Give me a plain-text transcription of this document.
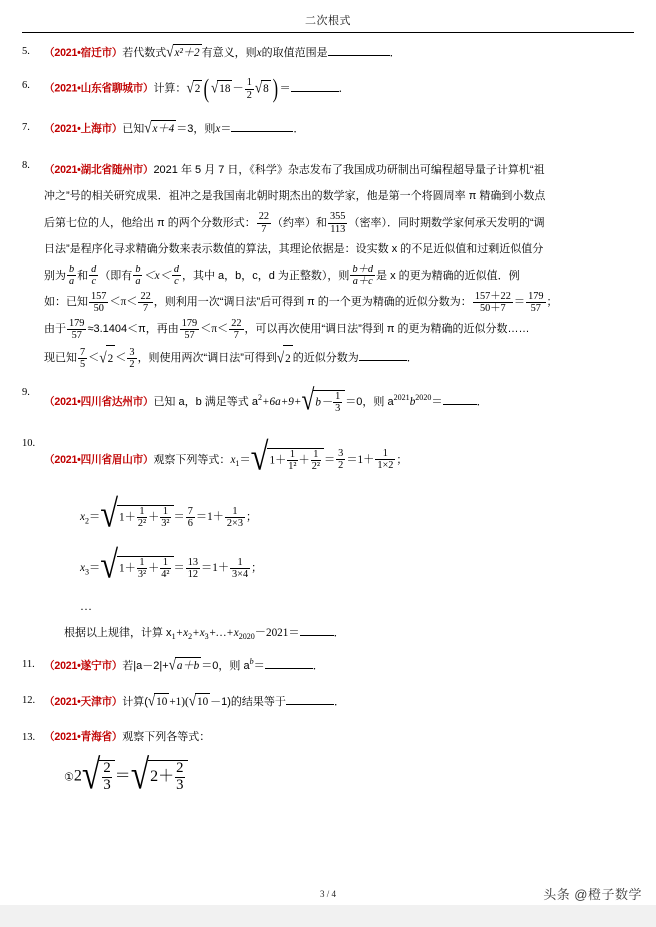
二次根式
5.	（2021•宿迁市）若代数式√x²＋2 有意义，则x的取值范围是	．
6.	（2021•山东省聊城市）计算：√2 ( $√18 - \frac{1}{2} √8$ ) ＝	．
7.	（2021•上海市）已知√x＋4 ＝3，则x＝	．
8.	（2021•湖北省随州市）2021 年 5 月 7 日，《科学》杂志发布了我国成功研制出可编程超导量子计算机“祖
冲之”号的相关研究成果．祖冲之是我国南北朝时期杰出的数学家，他是第一个将圆周率 π 精确到小数点
后第七位的人，他给出 π 的两个分数形式： $\frac{22}{7}$ （约率）和 $\frac{355}{113}$ （密率）．同时期数学家何承天发明的“调
日法”是程序化寻求精确分数来表示数值的算法，其理论依据是：设实数 x 的不足近似值和过剩近似值分
别为 $\frac{b}{a}$ 和 $\frac{d}{c}$ （即有 $\frac{b}{a} <x< \frac{d}{c}$ ，其中 a，b，c，d 为正整数），则 $\frac{b+d}{a+c}$ 是 x 的更为精确的近似值．例
如：已知 $\frac{157}{50} <\pi< \frac{22}{7}$ ，则利用一次“调日法”后可得到 π 的一个更为精确的近似分数为： $\frac{157+22}{50+7} = \frac{179}{57}$ ；
由于 $\frac{179}{57} \approx 3.1404<\pi$，再由 $\frac{179}{57} <\pi< \frac{22}{7}$ ，可以再次使用“调日法”得到 π 的更为精确的近似分数……
现已知 $\frac{7}{5} <√2 < \frac{3}{2}$ ，则使用两次“调日法”可得到√2 的近似分数为	．
9.
（2021•四川省达州市）已知 a，b 满足等式 $a^2+6a+9+√b- \frac{1}{3} =0$，则 $a^{2021}b^{2020}=$	．
10.
（2021•四川省眉山市）观察下列等式：$x_1=√1+ \frac{1}{\text{1²}} + \frac{1}{\text{2²}} = \frac{3}{2} =1+ \frac{1}{1\times 2}$ ；
$x_2=√1+ \frac{1}{\text{2²}} + \frac{1}{\text{3²}} = \frac{7}{6} =1+ \frac{1}{2\times 3}$ ；
$x_3=√1+ \frac{1}{\text{3²}} + \frac{1}{\text{4²}} = \frac{13}{12} =1+ \frac{1}{3\times 4}$ ；
…
根据以上规律，计算 $x_1+x_2+x_3+\dots+x_{2020}-2021=$	．
11. （2021•遂宁市）若|a－2|+√a＋b ＝0，则 $a^b=$	．
12. （2021•天津市）计算(√10 +1)(√10 －1)的结果等于	．
13. （2021•青海省）观察下列各等式：
①2√ $\frac{2}{3} =√2+ \frac{2}{3}$
3 / 4	头条 @橙子数学
